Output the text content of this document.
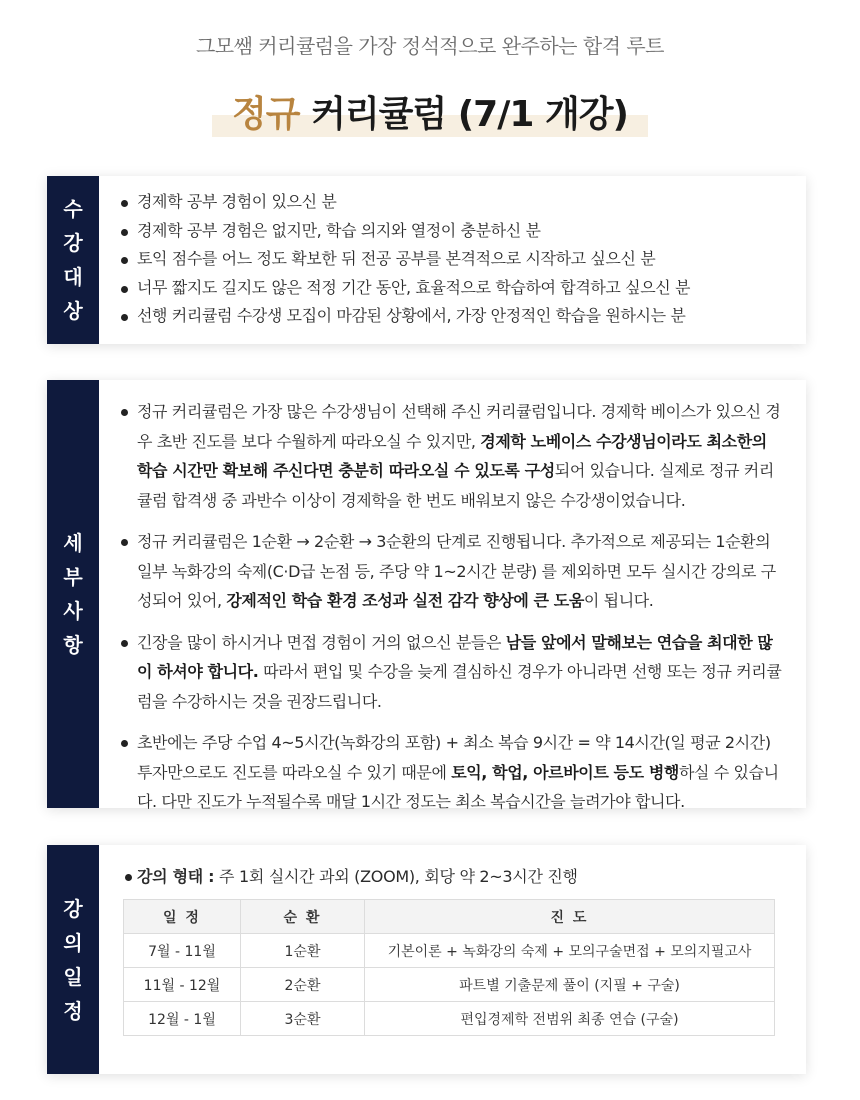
그모쌤 커리큘럼을 가장 정석적으로 완주하는 합격 루트
정규 커리큘럼 (7/1 개강)
수
강
대
상
경제학 공부 경험이 있으신 분
경제학 공부 경험은 없지만, 학습 의지와 열정이 충분하신 분
토익 점수를 어느 정도 확보한 뒤 전공 공부를 본격적으로 시작하고 싶으신 분
너무 짧지도 길지도 않은 적정 기간 동안, 효율적으로 학습하여 합격하고 싶으신 분
선행 커리큘럼 수강생 모집이 마감된 상황에서, 가장 안정적인 학습을 원하시는 분
세
부
사
항
정규 커리큘럼은 가장 많은 수강생님이 선택해 주신 커리큘럼입니다. 경제학 베이스가 있으신 경우 초반 진도를 보다 수월하게 따라오실 수 있지만, 경제학 노베이스 수강생님이라도 최소한의 학습 시간만 확보해 주신다면 충분히 따라오실 수 있도록 구성되어 있습니다. 실제로 정규 커리큘럼 합격생 중 과반수 이상이 경제학을 한 번도 배워보지 않은 수강생이었습니다.
정규 커리큘럼은 1순환 → 2순환 → 3순환의 단계로 진행됩니다. 추가적으로 제공되는 1순환의 일부 녹화강의 숙제(C·D급 논점 등, 주당 약 1~2시간 분량) 를 제외하면 모두 실시간 강의로 구성되어 있어, 강제적인 학습 환경 조성과 실전 감각 향상에 큰 도움이 됩니다.
긴장을 많이 하시거나 면접 경험이 거의 없으신 분들은 남들 앞에서 말해보는 연습을 최대한 많이 하셔야 합니다. 따라서 편입 및 수강을 늦게 결심하신 경우가 아니라면 선행 또는 정규 커리큘럼을 수강하시는 것을 권장드립니다.
초반에는 주당 수업 4~5시간(녹화강의 포함) + 최소 복습 9시간 = 약 14시간(일 평균 2시간) 투자만으로도 진도를 따라오실 수 있기 때문에 토익, 학업, 아르바이트 등도 병행하실 수 있습니다. 다만 진도가 누적될수록 매달 1시간 정도는 최소 복습시간을 늘려가야 합니다.
강
의
일
정
강의 형태 : 주 1회 실시간 과외 (ZOOM), 회당 약 2~3시간 진행
일 정	순 환	진 도
7월 - 11월	1순환	기본이론 + 녹화강의 숙제 + 모의구술면접 + 모의지필고사
11월 - 12월	2순환	파트별 기출문제 풀이 (지필 + 구술)
12월 - 1월	3순환	편입경제학 전범위 최종 연습 (구술)
